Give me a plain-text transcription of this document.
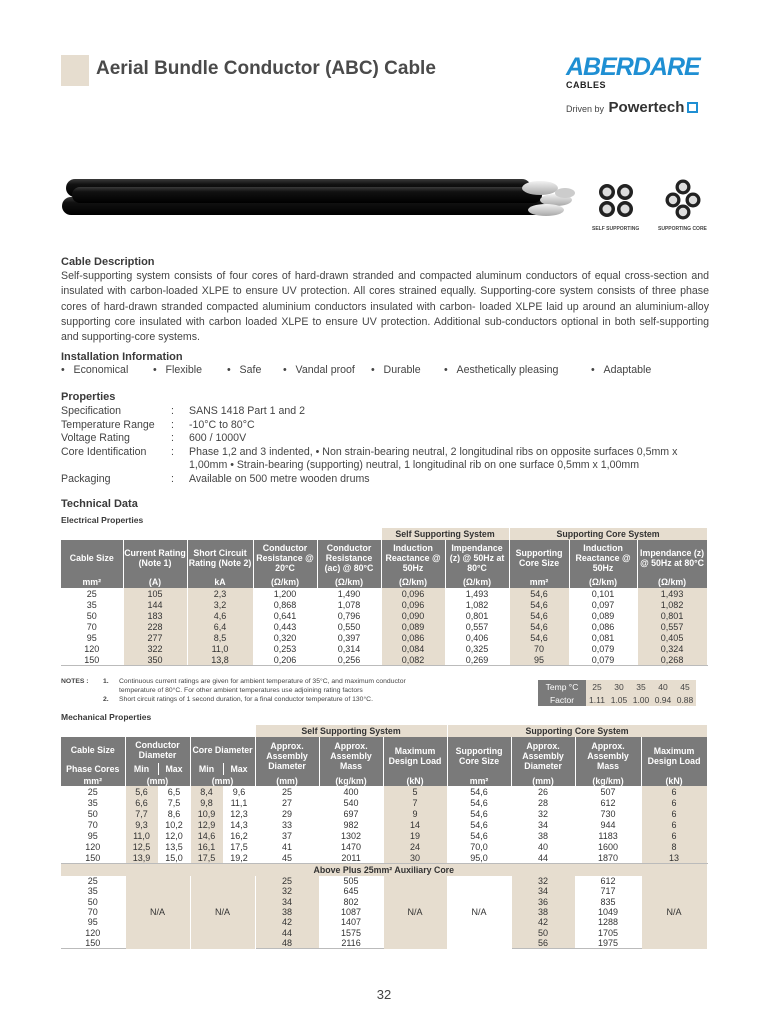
Aerial Bundle Conductor (ABC) Cable	ABERDARE
CABLES
Driven by Powertech
SELF SUPPORTING	SUPPORTING CORE
Cable Description
Self-supporting system consists of four cores of hard-drawn stranded and compacted aluminum conductors of equal cross-section and insulated with carbon-loaded XLPE to ensure UV protection. All cores strained equally. Supporting-core system consists of three phase cores of hard-drawn stranded compacted aluminium conductors insulated with carbon- loaded XLPE laid up around an aluminium-alloy supporting core insulated with carbon loaded XLPE to ensure UV protection. Additional sub-conductors optional in both self-supporting and supporting-core systems.
Installation Information
•   Economical •   Flexible •   Safe •   Vandal proof •   Durable •   Aesthetically pleasing	•   Adaptable
Properties
Specification	: SANS 1418 Part 1 and 2
Temperature Range : -10°C to 80°C
Voltage Rating	: 600 / 1000V
Core Identification : Phase 1,2 and 3 indented, • Non strain-bearing neutral, 2 longitudinal ribs on opposite surfaces 0,5mm x 1,00mm • Strain-bearing (supporting) neutral, 1 longitudinal rib on one surface 0,5mm x 1,00mm
Packaging	: Available on 500 metre wooden drums
Technical Data
Electrical Properties
					Self Supporting System		Supporting Core System		
Cable Size	Current Rating (Note 1)	Short Circuit Rating (Note 2)	Conductor Resistance @ 20°C	Conductor Resistance (ac) @ 80°C	Induction Reactance @ 50Hz	Impendance (z) @ 50Hz at 80°C	Supporting Core Size	Induction Reactance @ 50Hz	Impendance (z) @ 50Hz at 80°C
mm²	(A)	kA	(Ω/km)	(Ω/km)	(Ω/km)	(Ω/km)	mm²	(Ω/km)	(Ω/km)
25	105	2,3	1,200	1,490	0,096	1,493	54,6	0,101	1,493
35	144	3,2	0,868	1,078	0,096	1,082	54,6	0,097	1,082
50	183	4,6	0,641	0,796	0,090	0,801	54,6	0,089	0,801
70	228	6,4	0,443	0,550	0,089	0,557	54,6	0,086	0,557
95	277	8,5	0,320	0,397	0,086	0,406	54,6	0,081	0,405
120	322	11,0	0,253	0,314	0,084	0,325	70	0,079	0,324
150	350	13,8	0,206	0,256	0,082	0,269	95	0,079	0,268
NOTES : 1. Continuous current ratings are given for ambient temperature of 35°C, and maximum conductor
temperature of 80°C. For other ambient temperatures use adjoining rating factors
2. Short circuit ratings of 1 second duration, for a final conductor temperature of 130°C.
Temp °C	25	30	35	40	45
Factor	1.11	1.05	1.00	0.94	0.88
Mechanical Properties
					Self Supporting System			Supporting Core System			
Cable Size	Conductor Diameter		Core Diameter		Approx. Assembly Diameter	Approx. Assembly Mass	Maximum Design Load	Supporting Core Size	Approx. Assembly Diameter	Approx. Assembly Mass	Maximum Design Load

Phase Cores	Min	Max	Min	Max							
mm²	(mm)		(mm)		(mm)	(kg/km)	(kN)	mm²	(mm)	(kg/km)	(kN)
25	5,6	6,5	8,4	9,6	25	400	5	54,6	26	507	6
35	6,6	7,5	9,8	11,1	27	540	7	54,6	28	612	6
50	7,7	8,6	10,9	12,3	29	697	9	54,6	32	730	6
70	9,3	10,2	12,9	14,3	33	982	14	54,6	34	944	6
95	11,0	12,0	14,6	16,2	37	1302	19	54,6	38	1183	6
120	12,5	13,5	16,1	17,5	41	1470	24	70,0	40	1600	8
150	13,9	15,0	17,5	19,2	45	2011	30	95,0	44	1870	13
Above Plus 25mm² Auxiliary Core											
25	N/A		N/A		25	505	N/A	N/A	32	612	N/A
35					32	645			34	717	
50					34	802			36	835	
70					38	1087			38	1049	
95					42	1407			42	1288	
120					44	1575			50	1705	
150					48	2116			56	1975	
32
